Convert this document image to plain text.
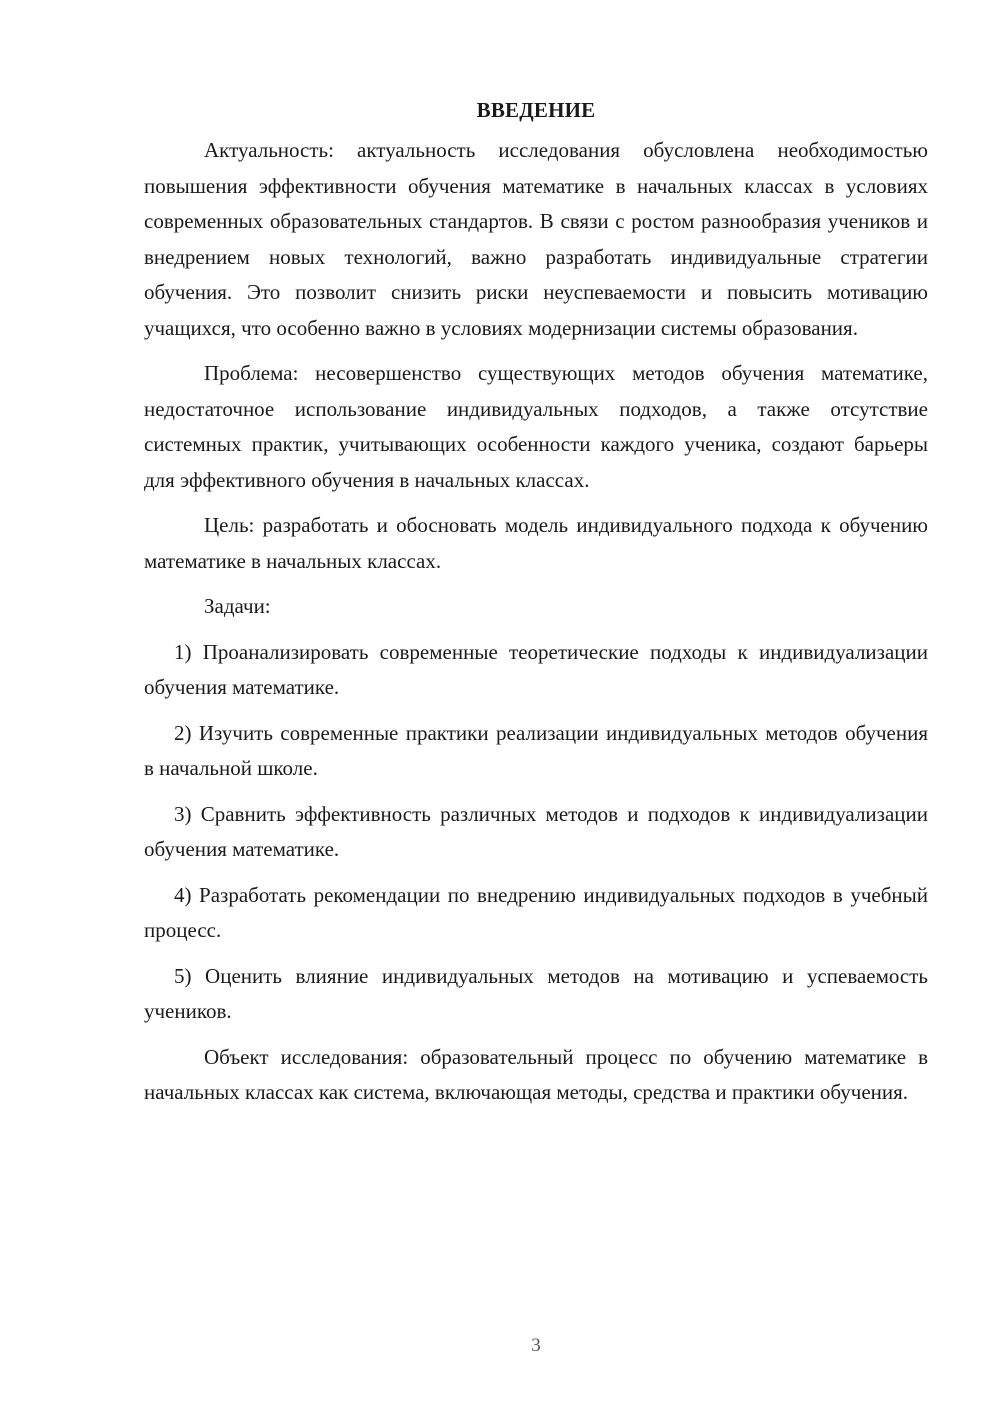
ВВЕДЕНИЕ

Актуальность: актуальность исследования обусловлена необходимостью повышения эффективности обучения математике в начальных классах в условиях современных образовательных стандартов. В связи с ростом разнообразия учеников и внедрением новых технологий, важно разработать индивидуальные стратегии обучения. Это позволит снизить риски неуспеваемости и повысить мотивацию учащихся, что особенно важно в условиях модернизации системы образования.

Проблема: несовершенство существующих методов обучения математике, недостаточное использование индивидуальных подходов, а также отсутствие системных практик, учитывающих особенности каждого ученика, создают барьеры для эффективного обучения в начальных классах.

Цель: разработать и обосновать модель индивидуального подхода к обучению математике в начальных классах.

Задачи:

1) Проанализировать современные теоретические подходы к индивидуализации обучения математике.

2) Изучить современные практики реализации индивидуальных методов обучения в начальной школе.

3) Сравнить эффективность различных методов и подходов к индивидуализации обучения математике.

4) Разработать рекомендации по внедрению индивидуальных подходов в учебный процесс.

5) Оценить влияние индивидуальных методов на мотивацию и успеваемость учеников.

Объект исследования: образовательный процесс по обучению математике в начальных классах как система, включающая методы, средства и практики обучения.

3
